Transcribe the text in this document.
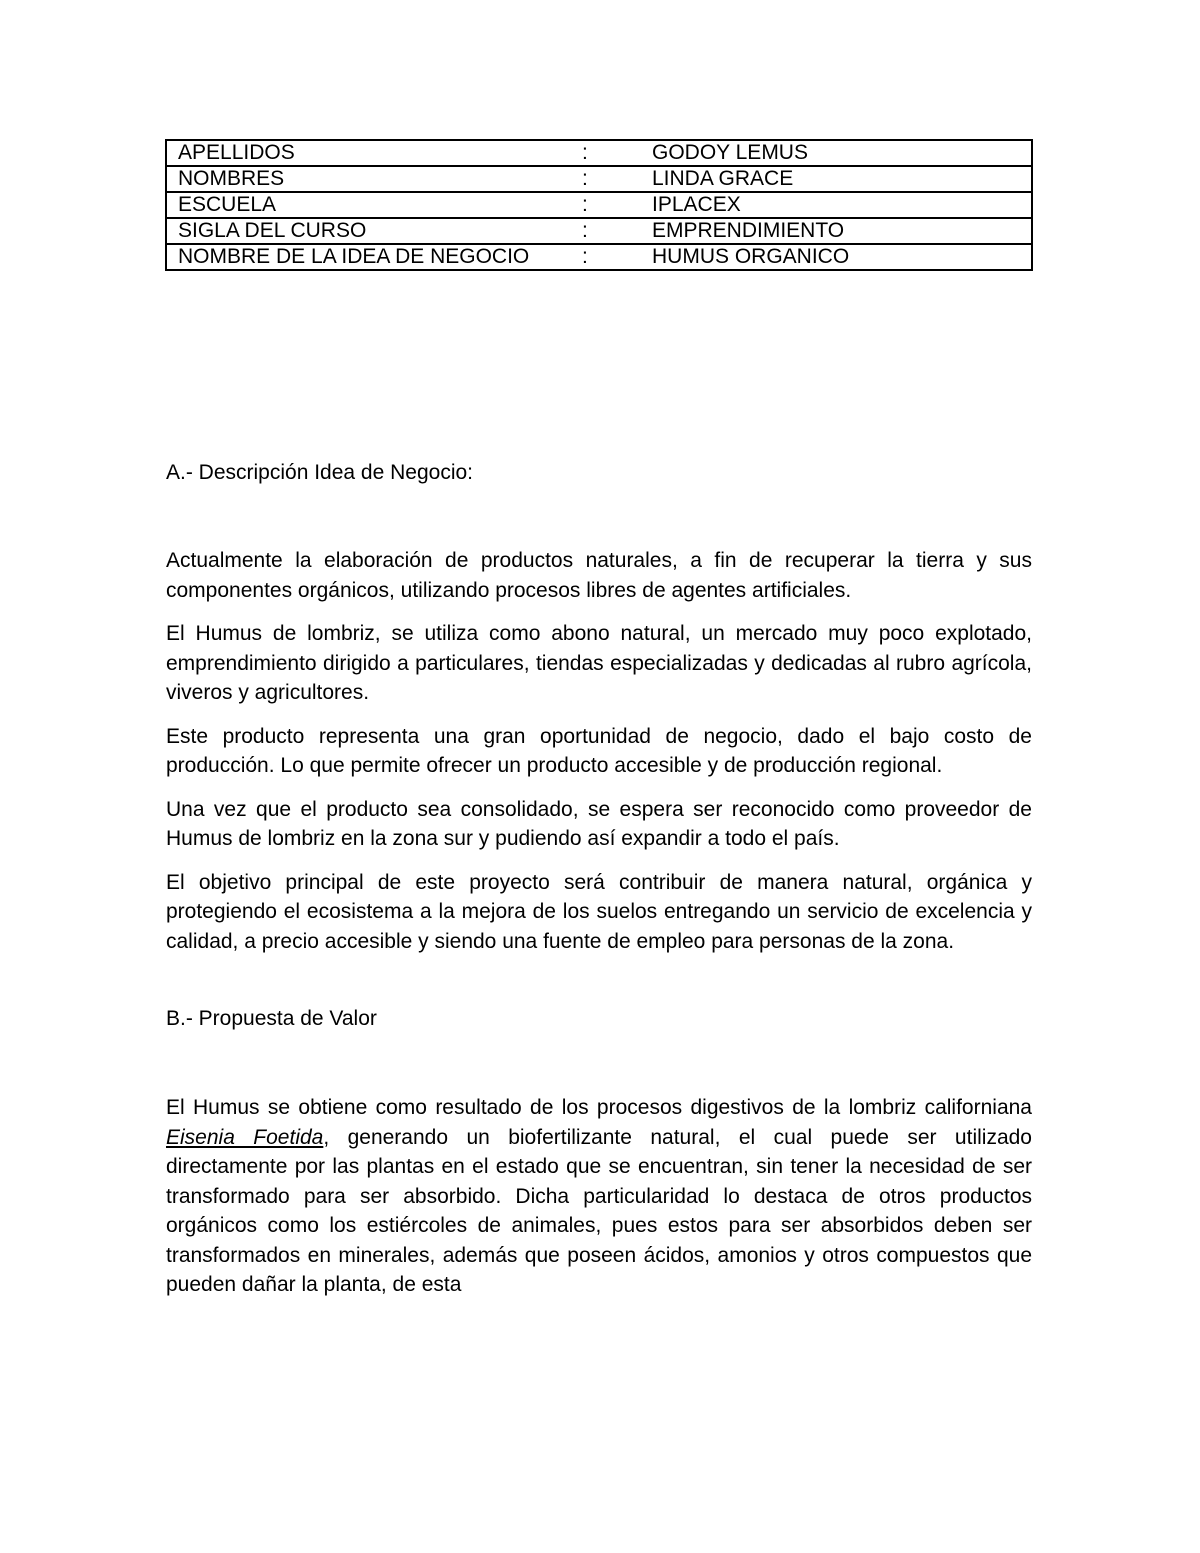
APELLIDOS	:	GODOY LEMUS
NOMBRES	:	LINDA GRACE
ESCUELA	:	IPLACEX
SIGLA DEL CURSO	:	EMPRENDIMIENTO
NOMBRE DE LA IDEA DE NEGOCIO	:	HUMUS ORGANICO
A.- Descripción Idea de Negocio:

Actualmente la elaboración de productos naturales, a fin de recuperar la tierra y sus componentes orgánicos, utilizando procesos libres de agentes artificiales.

El Humus de lombriz, se utiliza como abono natural, un mercado muy poco explotado, emprendimiento dirigido a particulares, tiendas especializadas y dedicadas al rubro agrícola, viveros y agricultores.

Este producto representa una gran oportunidad de negocio, dado el bajo costo de producción. Lo que permite ofrecer un producto accesible y de producción regional.

Una vez que el producto sea consolidado, se espera ser reconocido como proveedor de Humus de lombriz en la zona sur y pudiendo así expandir a todo el país.

El objetivo principal de este proyecto será contribuir de manera natural, orgánica y protegiendo el ecosistema a la mejora de los suelos entregando un servicio de excelencia y calidad, a precio accesible y siendo una fuente de empleo para personas de la zona.

B.- Propuesta de Valor

El Humus se obtiene como resultado de los procesos digestivos de la lombriz californiana Eisenia Foetida, generando un biofertilizante natural, el cual puede ser utilizado directamente por las plantas en el estado que se encuentran, sin tener la necesidad de ser transformado para ser absorbido. Dicha particularidad lo destaca de otros productos orgánicos como los estiércoles de animales, pues estos para ser absorbidos deben ser transformados en minerales, además que poseen ácidos, amonios y otros compuestos que pueden dañar la planta, de esta
